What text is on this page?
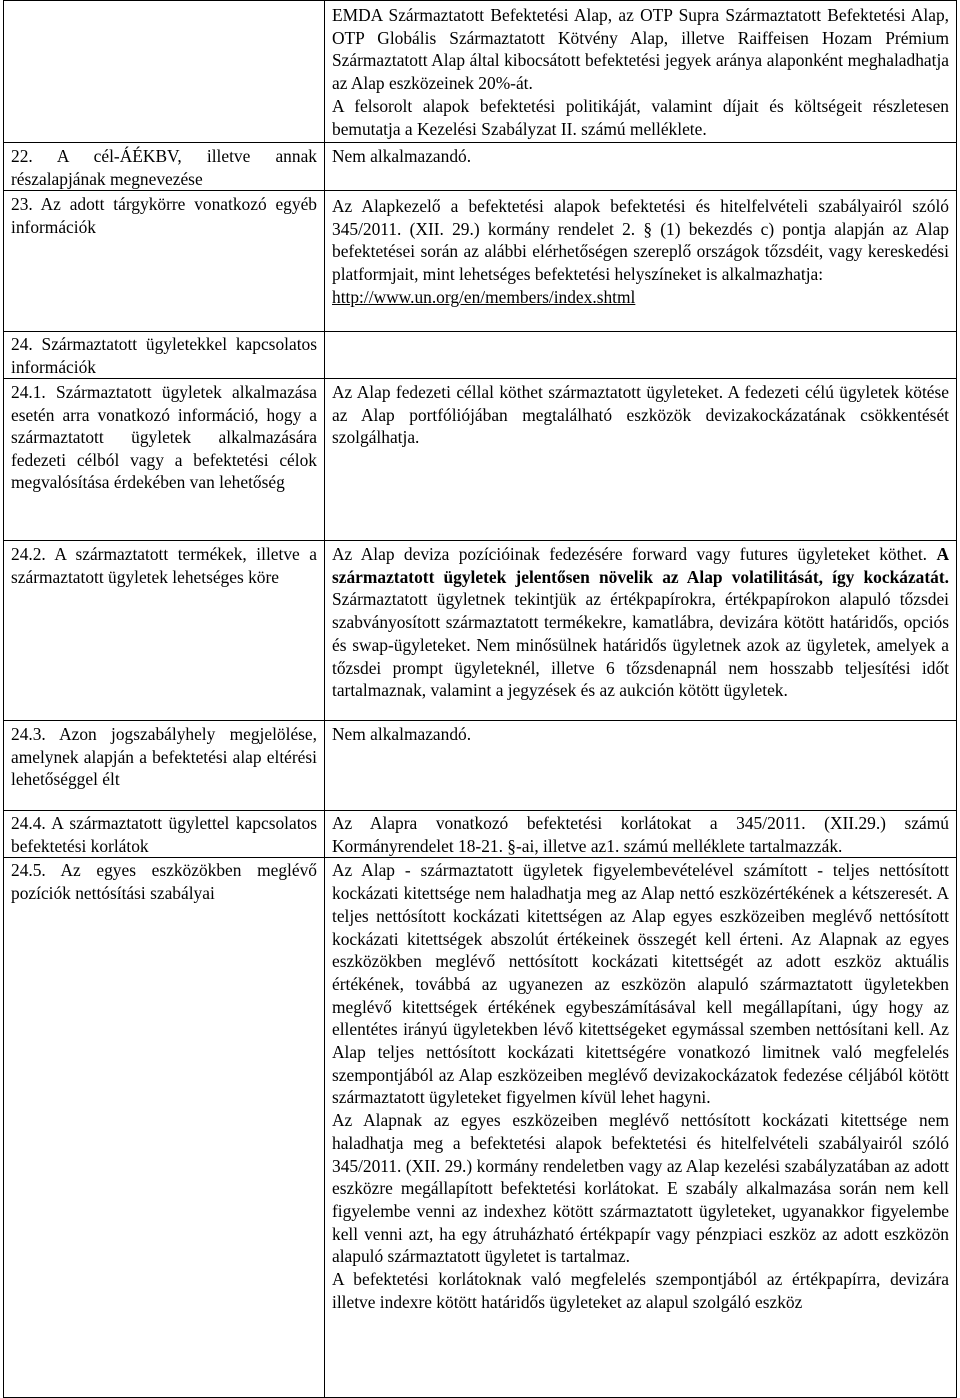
	EMDA Származtatott Befektetési Alap, az OTP Supra Származtatott Befektetési Alap, OTP Globális Származtatott Kötvény Alap, illetve Raiffeisen Hozam Prémium Származtatott Alap által kibocsátott befektetési jegyek aránya alaponként meghaladhatja az Alap eszközeinek 20%-át.

A felsorolt alapok befektetési politikáját, valamint díjait és költségeit részletesen bemutatja a Kezelési Szabályzat II. számú melléklete.

22. A cél-ÁÉKBV, illetve annak részalapjának megnevezése	Nem alkalmazandó.

23. Az adott tárgykörre vonatkozó egyéb információk	Az Alapkezelő a befektetési alapok befektetési és hitelfelvételi szabályairól szóló 345/2011. (XII. 29.) kormány rendelet 2. § (1) bekezdés c) pontja alapján az Alap befektetései során az alábbi elérhetőségen szereplő országok tőzsdéit, vagy kereskedési platformjait, mint lehetséges befektetési helyszíneket is alkalmazhatja:

http://www.un.org/en/members/index.shtml

24. Származtatott ügyletekkel kapcsolatos információk	

24.1. Származtatott ügyletek alkalmazása esetén arra vonatkozó információ, hogy a származtatott ügyletek alkalmazására fedezeti célból vagy a befektetési célok megvalósítása érdekében van lehetőség	Az Alap fedezeti céllal köthet származtatott ügyleteket. A fedezeti célú ügyletek kötése az Alap portfóliójában megtalálható eszközök devizakockázatának csökkentését szolgálhatja.

24.2. A származtatott termékek, illetve a származtatott ügyletek lehetséges köre	Az Alap deviza pozícióinak fedezésére forward vagy futures ügyleteket köthet. A származtatott ügyletek jelentősen növelik az Alap volatilitását, így kockázatát. Származtatott ügyletnek tekintjük az értékpapírokra, értékpapírokon alapuló tőzsdei szabványosított származtatott termékekre, kamatlábra, devizára kötött határidős, opciós és swap-ügyleteket. Nem minősülnek határidős ügyletnek azok az ügyletek, amelyek a tőzsdei prompt ügyleteknél, illetve 6 tőzsdenapnál nem hosszabb teljesítési időt tartalmaznak, valamint a jegyzések és az aukción kötött ügyletek.

24.3. Azon jogszabályhely megjelölése, amelynek alapján a befektetési alap eltérési lehetőséggel élt	Nem alkalmazandó.

24.4. A származtatott ügylettel kapcsolatos befektetési korlátok	Az Alapra vonatkozó befektetési korlátokat a 345/2011. (XII.29.) számú Kormányrendelet 18-21. §-ai, illetve az1. számú melléklete tartalmazzák.

24.5. Az egyes eszközökben meglévő pozíciók nettósítási szabályai	Az Alap - származtatott ügyletek figyelembevételével számított - teljes nettósított kockázati kitettsége nem haladhatja meg az Alap nettó eszközértékének a kétszeresét. A teljes nettósított kockázati kitettségen az Alap egyes eszközeiben meglévő nettósított kockázati kitettségek abszolút értékeinek összegét kell érteni. Az Alapnak az egyes eszközökben meglévő nettósított kockázati kitettségét az adott eszköz aktuális értékének, továbbá az ugyanezen az eszközön alapuló származtatott ügyletekben meglévő kitettségek értékének egybeszámításával kell megállapítani, úgy hogy az ellentétes irányú ügyletekben lévő kitettségeket egymással szemben nettósítani kell. Az Alap teljes nettósított kockázati kitettségére vonatkozó limitnek való megfelelés szempontjából az Alap eszközeiben meglévő devizakockázatok fedezése céljából kötött származtatott ügyleteket figyelmen kívül lehet hagyni.

Az Alapnak az egyes eszközeiben meglévő nettósított kockázati kitettsége nem haladhatja meg a befektetési alapok befektetési és hitelfelvételi szabályairól szóló 345/2011. (XII. 29.) kormány rendeletben vagy az Alap kezelési szabályzatában az adott eszközre megállapított befektetési korlátokat. E szabály alkalmazása során nem kell figyelembe venni az indexhez kötött származtatott ügyleteket, ugyanakkor figyelembe kell venni azt, ha egy átruházható értékpapír vagy pénzpiaci eszköz az adott eszközön alapuló származtatott ügyletet is tartalmaz.

A befektetési korlátoknak való megfelelés szempontjából az értékpapírra, devizára illetve indexre kötött határidős ügyleteket az alapul szolgáló eszköz
